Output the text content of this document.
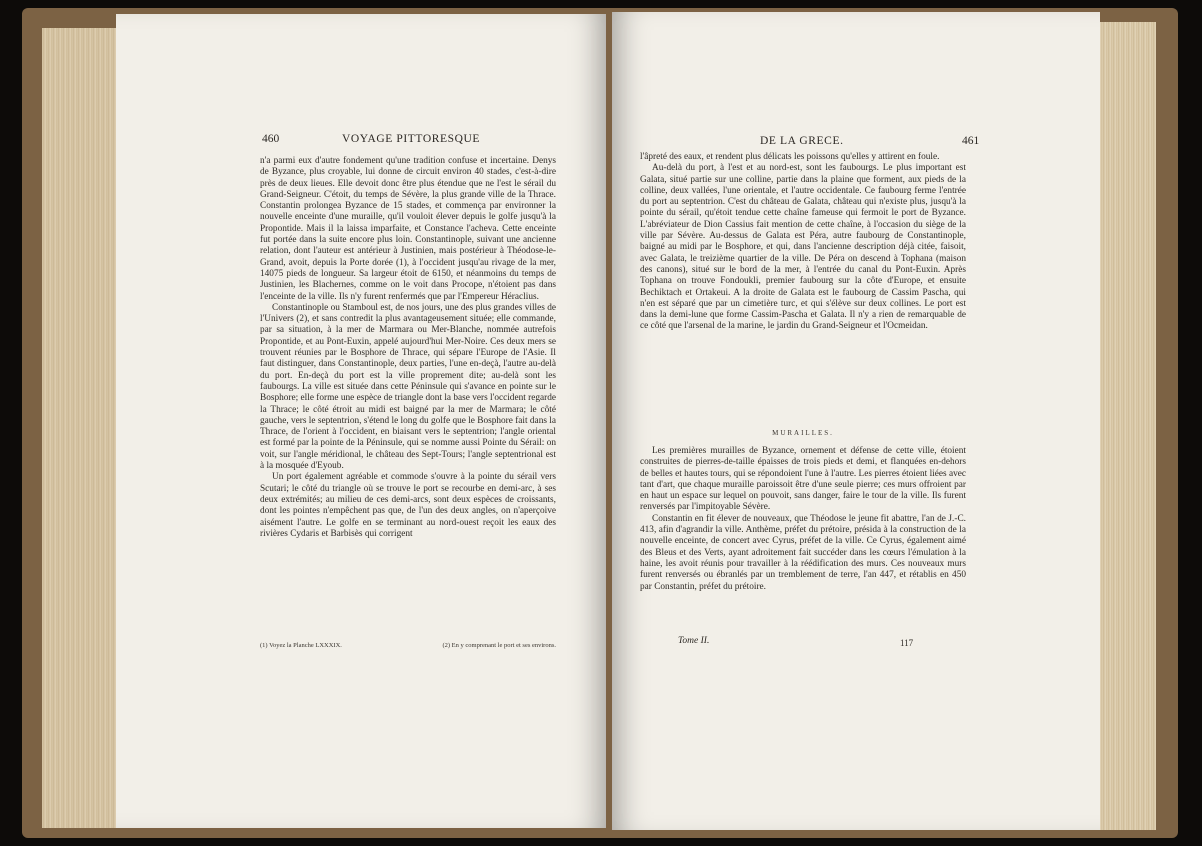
460	VOYAGE PITTORESQUE

n'a parmi eux d'autre fondement qu'une tradition confuse et incertaine. Denys de Byzance, plus croyable, lui donne de circuit environ 40 stades, c'est-à-dire près de deux lieues. Elle devoit donc être plus étendue que ne l'est le sérail du Grand-Seigneur. C'étoit, du temps de Sévère, la plus grande ville de la Thrace. Constantin prolongea Byzance de 15 stades, et commença par environner la nouvelle enceinte d'une muraille, qu'il vouloit élever depuis le golfe jusqu'à la Propontide. Mais il la laissa imparfaite, et Constance l'acheva. Cette enceinte fut portée dans la suite encore plus loin. Constantinople, suivant une ancienne relation, dont l'auteur est antérieur à Justinien, mais postérieur à Théodose-le-Grand, avoit, depuis la Porte dorée (1), à l'occident jusqu'au rivage de la mer, 14075 pieds de longueur. Sa largeur étoit de 6150, et néanmoins du temps de Justinien, les Blachernes, comme on le voit dans Procope, n'étoient pas dans l'enceinte de la ville. Ils n'y furent renfermés que par l'Empereur Héraclius.

Constantinople ou Stamboul est, de nos jours, une des plus grandes villes de l'Univers (2), et sans contredit la plus avantageusement située; elle commande, par sa situation, à la mer de Marmara ou Mer-Blanche, nommée autrefois Propontide, et au Pont-Euxin, appelé aujourd'hui Mer-Noire. Ces deux mers se trouvent réunies par le Bosphore de Thrace, qui sépare l'Europe de l'Asie. Il faut distinguer, dans Constantinople, deux parties, l'une en-deçà, l'autre au-delà du port. En-deçà du port est la ville proprement dite; au-delà sont les faubourgs. La ville est située dans cette Péninsule qui s'avance en pointe sur le Bosphore; elle forme une espèce de triangle dont la base vers l'occident regarde la Thrace; le côté étroit au midi est baigné par la mer de Marmara; le côté gauche, vers le septentrion, s'étend le long du golfe que le Bosphore fait dans la Thrace, de l'orient à l'occident, en biaisant vers le septentrion; l'angle oriental est formé par la pointe de la Péninsule, qui se nomme aussi Pointe du Sérail: on voit, sur l'angle méridional, le château des Sept-Tours; l'angle septentrional est à la mosquée d'Eyoub.

Un port également agréable et commode s'ouvre à la pointe du sérail vers Scutari; le côté du triangle où se trouve le port se recourbe en demi-arc, à ses deux extrémités; au milieu de ces demi-arcs, sont deux espèces de croissants, dont les pointes n'empêchent pas que, de l'un des deux angles, on n'aperçoive aisément l'autre. Le golfe en se terminant au nord-ouest reçoit les eaux des rivières Cydaris et Barbisès qui corrigent

(1) Voyez la Planche LXXXIX.	(2) En y comprenant le port et ses environs.
DE LA GRECE.	461

l'âpreté des eaux, et rendent plus délicats les poissons qu'elles y attirent en foule.

Au-delà du port, à l'est et au nord-est, sont les faubourgs. Le plus important est Galata, situé partie sur une colline, partie dans la plaine que forment, aux pieds de la colline, deux vallées, l'une orientale, et l'autre occidentale. Ce faubourg ferme l'entrée du port au septentrion. C'est du château de Galata, château qui n'existe plus, jusqu'à la pointe du sérail, qu'étoit tendue cette chaîne fameuse qui fermoit le port de Byzance. L'abréviateur de Dion Cassius fait mention de cette chaîne, à l'occasion du siège de la ville par Sévère. Au-dessus de Galata est Péra, autre faubourg de Constantinople, baigné au midi par le Bosphore, et qui, dans l'ancienne description déjà citée, faisoit, avec Galata, le treizième quartier de la ville. De Péra on descend à Tophana (maison des canons), situé sur le bord de la mer, à l'entrée du canal du Pont-Euxin. Après Tophana on trouve Fondoukli, premier faubourg sur la côte d'Europe, et ensuite Bechiktach et Ortakeui. A la droite de Galata est le faubourg de Cassim Pascha, qui n'en est séparé que par un cimetière turc, et qui s'élève sur deux collines. Le port est dans la demi-lune que forme Cassim-Pascha et Galata. Il n'y a rien de remarquable de ce côté que l'arsenal de la marine, le jardin du Grand-Seigneur et l'Ocmeidan.

MURAILLES.

Les premières murailles de Byzance, ornement et défense de cette ville, étoient construites de pierres-de-taille épaisses de trois pieds et demi, et flanquées en-dehors de belles et hautes tours, qui se répondoient l'une à l'autre. Les pierres étoient liées avec tant d'art, que chaque muraille paroissoit être d'une seule pierre; ces murs offroient par en haut un espace sur lequel on pouvoit, sans danger, faire le tour de la ville. Ils furent renversés par l'impitoyable Sévère.

Constantin en fit élever de nouveaux, que Théodose le jeune fit abattre, l'an de J.-C. 413, afin d'agrandir la ville. Anthème, préfet du prétoire, présida à la construction de la nouvelle enceinte, de concert avec Cyrus, préfet de la ville. Ce Cyrus, également aimé des Bleus et des Verts, ayant adroitement fait succéder dans les cœurs l'émulation à la haine, les avoit réunis pour travailler à la réédification des murs. Ces nouveaux murs furent renversés ou ébranlés par un tremblement de terre, l'an 447, et rétablis en 450 par Constantin, préfet du prétoire.

Tome II.	117
